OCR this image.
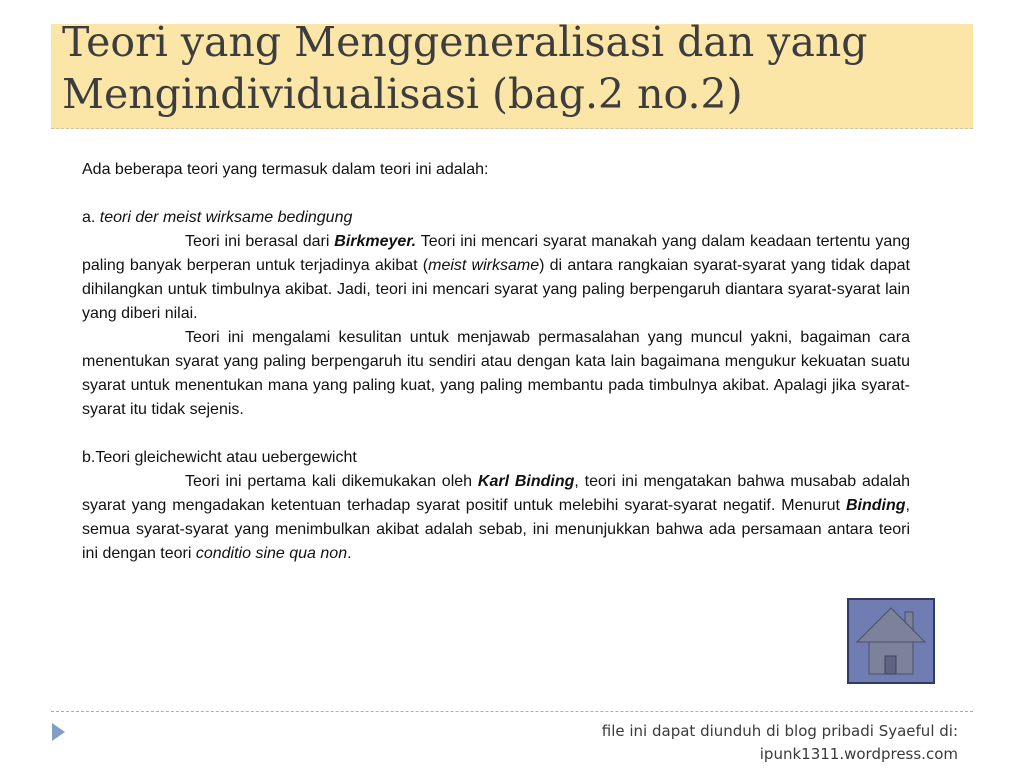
Teori yang Menggeneralisasi dan yang Mengindividualisasi (bag.2 no.2)

Ada beberapa teori yang termasuk dalam teori ini adalah:

a. teori der meist wirksame bedingung

Teori ini berasal dari Birkmeyer. Teori ini mencari syarat manakah yang dalam keadaan tertentu yang paling banyak berperan untuk terjadinya akibat (meist wirksame) di antara rangkaian syarat-syarat yang tidak dapat dihilangkan untuk timbulnya akibat. Jadi, teori ini mencari syarat yang paling berpengaruh diantara syarat-syarat lain yang diberi nilai.

Teori ini mengalami kesulitan untuk menjawab permasalahan yang muncul yakni, bagaiman cara menentukan syarat yang paling berpengaruh itu sendiri atau dengan kata lain bagaimana mengukur kekuatan suatu syarat untuk menentukan mana yang paling kuat, yang paling membantu pada timbulnya akibat. Apalagi jika syarat-syarat itu tidak sejenis.

b.Teori gleichewicht atau uebergewicht

Teori ini pertama kali dikemukakan oleh Karl Binding, teori ini mengatakan bahwa musabab adalah syarat yang mengadakan ketentuan terhadap syarat positif untuk melebihi syarat-syarat negatif. Menurut Binding, semua syarat-syarat yang menimbulkan akibat adalah sebab, ini menunjukkan bahwa ada persamaan antara teori ini dengan teori conditio sine qua non.

file ini dapat diunduh di blog pribadi Syaeful di:
ipunk1311.wordpress.com
